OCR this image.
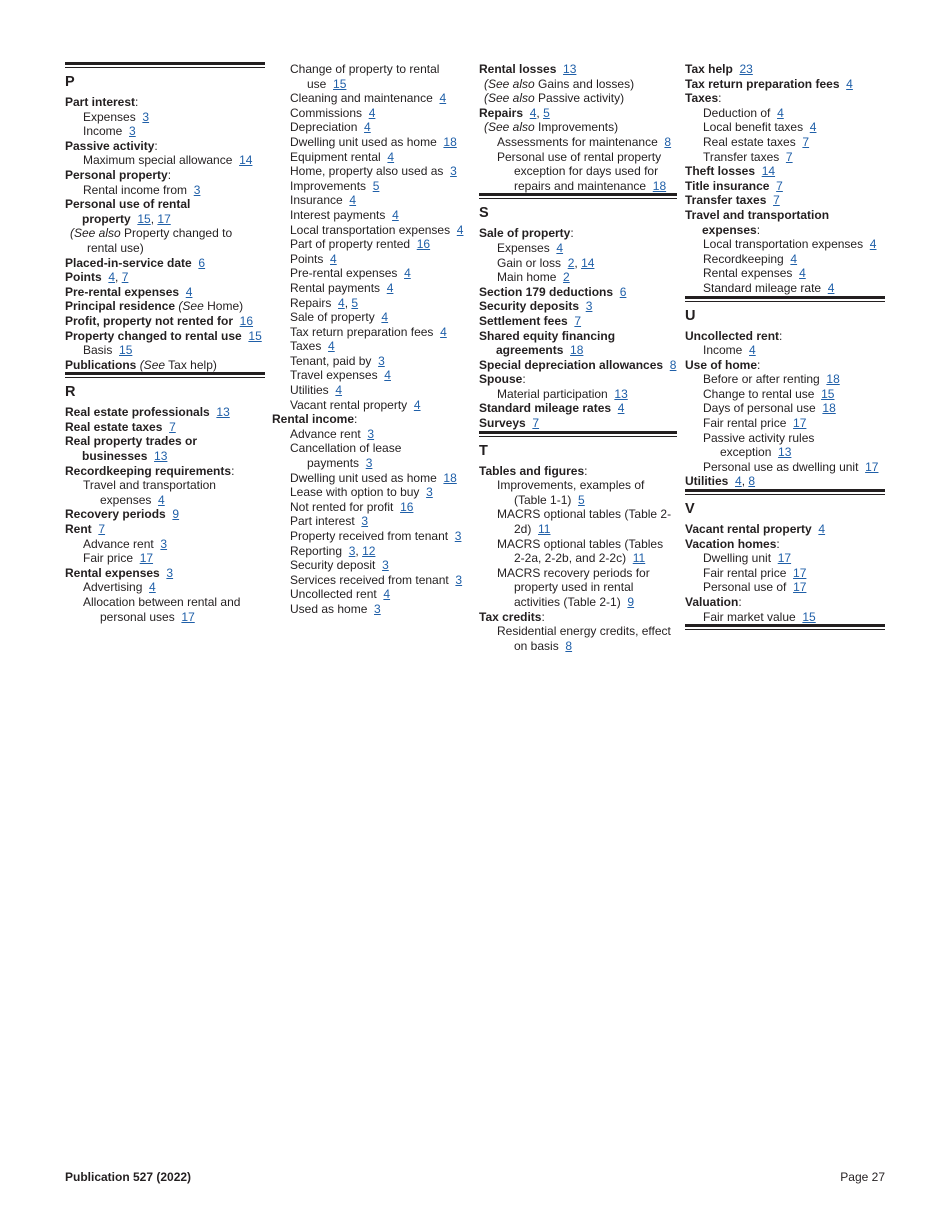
P
Part interest:
Expenses 3
Income 3
Passive activity:
Maximum special allowance 14
Personal property:
Rental income from 3
Personal use of rental property 15, 17
(See also Property changed to rental use)
Placed-in-service date 6
Points 4, 7
Pre-rental expenses 4
Principal residence (See Home)
Profit, property not rented for 16
Property changed to rental use 15
Basis 15
Publications (See Tax help)
R
Real estate professionals 13
Real estate taxes 7
Real property trades or businesses 13
Recordkeeping requirements:
Travel and transportation expenses 4
Recovery periods 9
Rent 7
Advance rent 3
Fair price 17
Rental expenses 3
Advertising 4
Allocation between rental and personal uses 17
Change of property to rental use 15
Cleaning and maintenance 4
Commissions 4
Depreciation 4
Dwelling unit used as home 18
Equipment rental 4
Home, property also used as 3
Improvements 5
Insurance 4
Interest payments 4
Local transportation expenses 4
Part of property rented 16
Points 4
Pre-rental expenses 4
Rental payments 4
Repairs 4, 5
Sale of property 4
Tax return preparation fees 4
Taxes 4
Tenant, paid by 3
Travel expenses 4
Utilities 4
Vacant rental property 4
Rental income:
Advance rent 3
Cancellation of lease payments 3
Dwelling unit used as home 18
Lease with option to buy 3
Not rented for profit 16
Part interest 3
Property received from tenant 3
Reporting 3, 12
Security deposit 3
Services received from tenant 3
Uncollected rent 4
Used as home 3
Rental losses 13
(See also Gains and losses)
(See also Passive activity)
Repairs 4, 5
(See also Improvements)
Assessments for maintenance 8
Personal use of rental property exception for days used for repairs and maintenance 18
S
Sale of property:
Expenses 4
Gain or loss 2, 14
Main home 2
Section 179 deductions 6
Security deposits 3
Settlement fees 7
Shared equity financing agreements 18
Special depreciation allowances 8
Spouse:
Material participation 13
Standard mileage rates 4
Surveys 7
T
Tables and figures:
Improvements, examples of (Table 1-1) 5
MACRS optional tables (Table 2-2d) 11
MACRS optional tables (Tables 2-2a, 2-2b, and 2-2c) 11
MACRS recovery periods for property used in rental activities (Table 2-1) 9
Tax credits:
Residential energy credits, effect on basis 8
Tax help 23
Tax return preparation fees 4
Taxes:
Deduction of 4
Local benefit taxes 4
Real estate taxes 7
Transfer taxes 7
Theft losses 14
Title insurance 7
Transfer taxes 7
Travel and transportation expenses:
Local transportation expenses 4
Recordkeeping 4
Rental expenses 4
Standard mileage rate 4
U
Uncollected rent:
Income 4
Use of home:
Before or after renting 18
Change to rental use 15
Days of personal use 18
Fair rental price 17
Passive activity rules exception 13
Personal use as dwelling unit 17
Utilities 4, 8
V
Vacant rental property 4
Vacation homes:
Dwelling unit 17
Fair rental price 17
Personal use of 17
Valuation:
Fair market value 15
Publication 527 (2022)	Page 27
